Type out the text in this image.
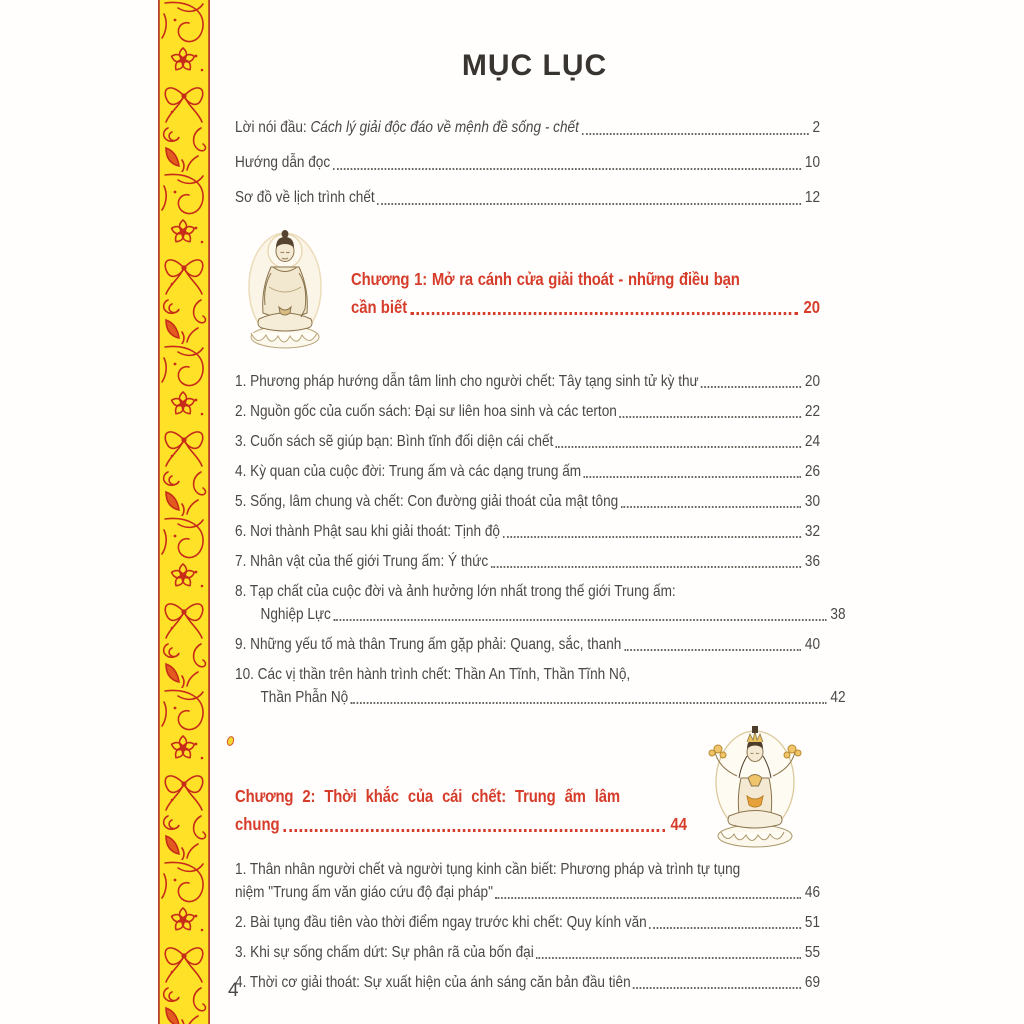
MỤC LỤC
Lời nói đầu: Cách lý giải độc đáo về mệnh đề sống - chết	2
Hướng dẫn đọc	10
Sơ đồ về lịch trình chết	12
Chương 1: Mở ra cánh cửa giải thoát - những điều bạn
cần biết	20
1. Phương pháp hướng dẫn tâm linh cho người chết: Tây tạng sinh tử kỳ thư	20
2. Nguồn gốc của cuốn sách: Đại sư liên hoa sinh và các terton	22
3. Cuốn sách sẽ giúp bạn: Bình tĩnh đối diện cái chết	24
4. Kỳ quan của cuộc đời: Trung ấm và các dạng trung ấm	26
5. Sống, lâm chung và chết: Con đường giải thoát của mật tông	30
6. Nơi thành Phật sau khi giải thoát: Tịnh độ	32
7. Nhân vật của thế giới Trung ấm: Ý thức	36
8. Tạp chất của cuộc đời và ảnh hưởng lớn nhất trong thế giới Trung ấm:
Nghiệp Lực	38
9. Những yếu tố mà thân Trung ấm gặp phải: Quang, sắc, thanh	40
10. Các vị thần trên hành trình chết: Thần An Tĩnh, Thần Tĩnh Nộ,
Thần Phẫn Nộ	42
Chương 2: Thời khắc của cái chết: Trung ấm lâm
chung	44
1. Thân nhân người chết và người tụng kinh cần biết: Phương pháp và trình tự tụng
niệm "Trung ấm văn giáo cứu độ đại pháp"	46
2. Bài tụng đầu tiên vào thời điểm ngay trước khi chết: Quy kính văn	51
3. Khi sự sống chấm dứt: Sự phân rã của bốn đại	55
4. Thời cơ giải thoát: Sự xuất hiện của ánh sáng căn bản đầu tiên	69
4
